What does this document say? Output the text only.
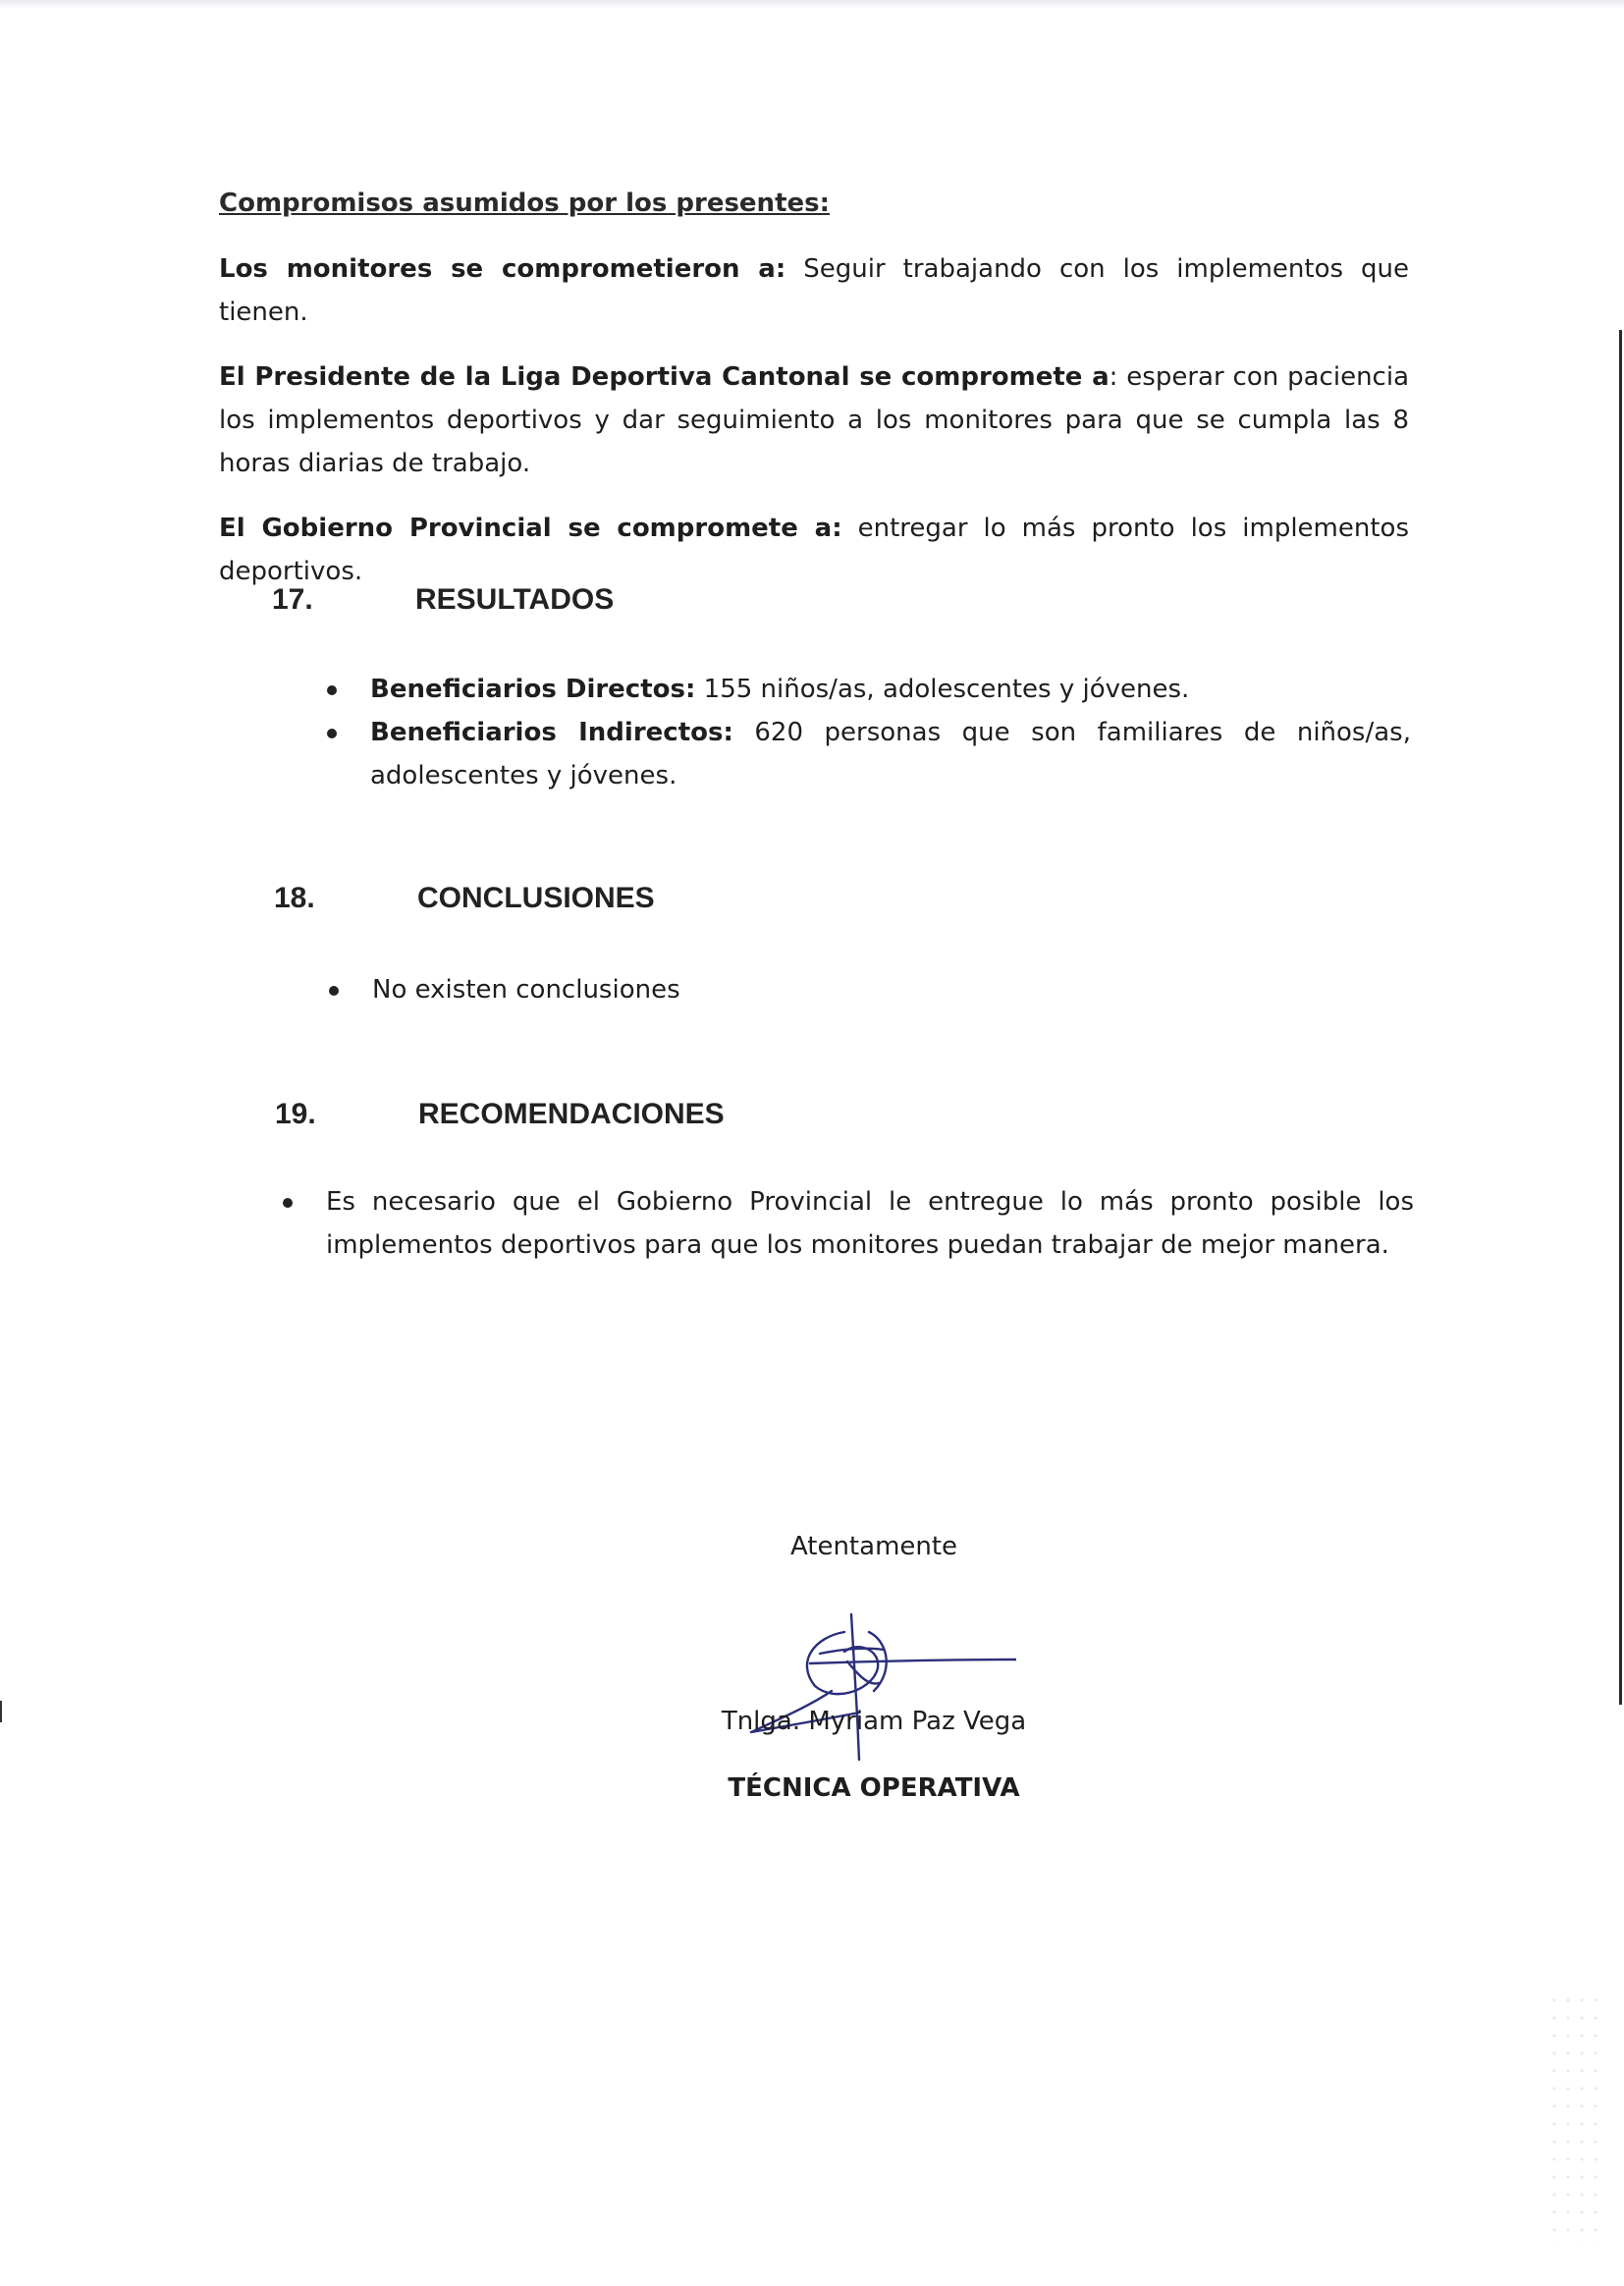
Compromisos asumidos por los presentes:

Los monitores se comprometieron a: Seguir trabajando con los implementos que tienen.

El Presidente de la Liga Deportiva Cantonal se compromete a: esperar con paciencia los implementos deportivos y dar seguimiento a los monitores para que se cumpla las 8 horas diarias de trabajo.

El Gobierno Provincial se compromete a: entregar lo más pronto los implementos deportivos.

17.	RESULTADOS
Beneficiarios Directos: 155 niños/as, adolescentes y jóvenes.
Beneficiarios Indirectos: 620 personas que son familiares de niños/as, adolescentes y jóvenes.
18.	CONCLUSIONES
No existen conclusiones
19.	RECOMENDACIONES
Es necesario que el Gobierno Provincial le entregue lo más pronto posible los implementos deportivos para que los monitores puedan trabajar de mejor manera.
Atentamente
Tnlga. Myriam Paz Vega
TÉCNICA OPERATIVA
